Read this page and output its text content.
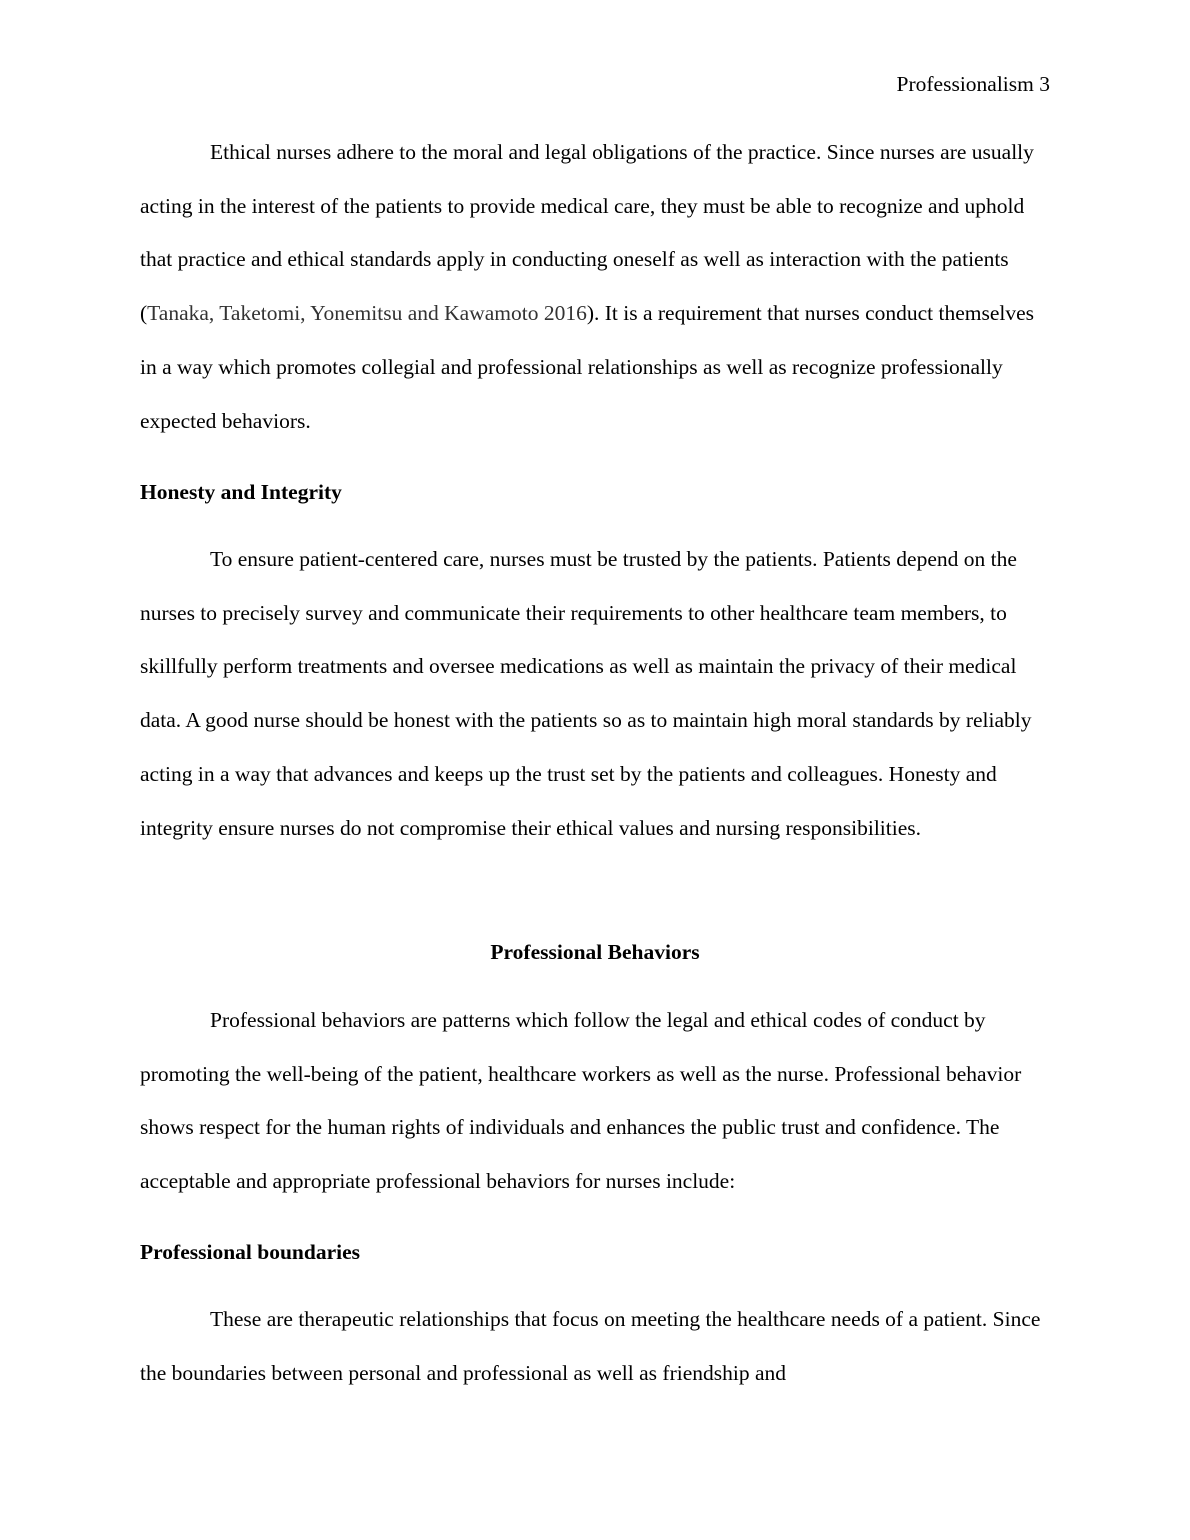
Professionalism 3

Ethical nurses adhere to the moral and legal obligations of the practice. Since nurses are usually acting in the interest of the patients to provide medical care, they must be able to recognize and uphold that practice and ethical standards apply in conducting oneself as well as interaction with the patients (Tanaka, Taketomi, Yonemitsu and Kawamoto 2016). It is a requirement that nurses conduct themselves in a way which promotes collegial and professional relationships as well as recognize professionally expected behaviors.

Honesty and Integrity

To ensure patient-centered care, nurses must be trusted by the patients. Patients depend on the nurses to precisely survey and communicate their requirements to other healthcare team members, to skillfully perform treatments and oversee medications as well as maintain the privacy of their medical data. A good nurse should be honest with the patients so as to maintain high moral standards by reliably acting in a way that advances and keeps up the trust set by the patients and colleagues. Honesty and integrity ensure nurses do not compromise their ethical values and nursing responsibilities.

Professional Behaviors

Professional behaviors are patterns which follow the legal and ethical codes of conduct by promoting the well-being of the patient, healthcare workers as well as the nurse. Professional behavior shows respect for the human rights of individuals and enhances the public trust and confidence. The acceptable and appropriate professional behaviors for nurses include:

Professional boundaries

These are therapeutic relationships that focus on meeting the healthcare needs of a patient. Since the boundaries between personal and professional as well as friendship and
